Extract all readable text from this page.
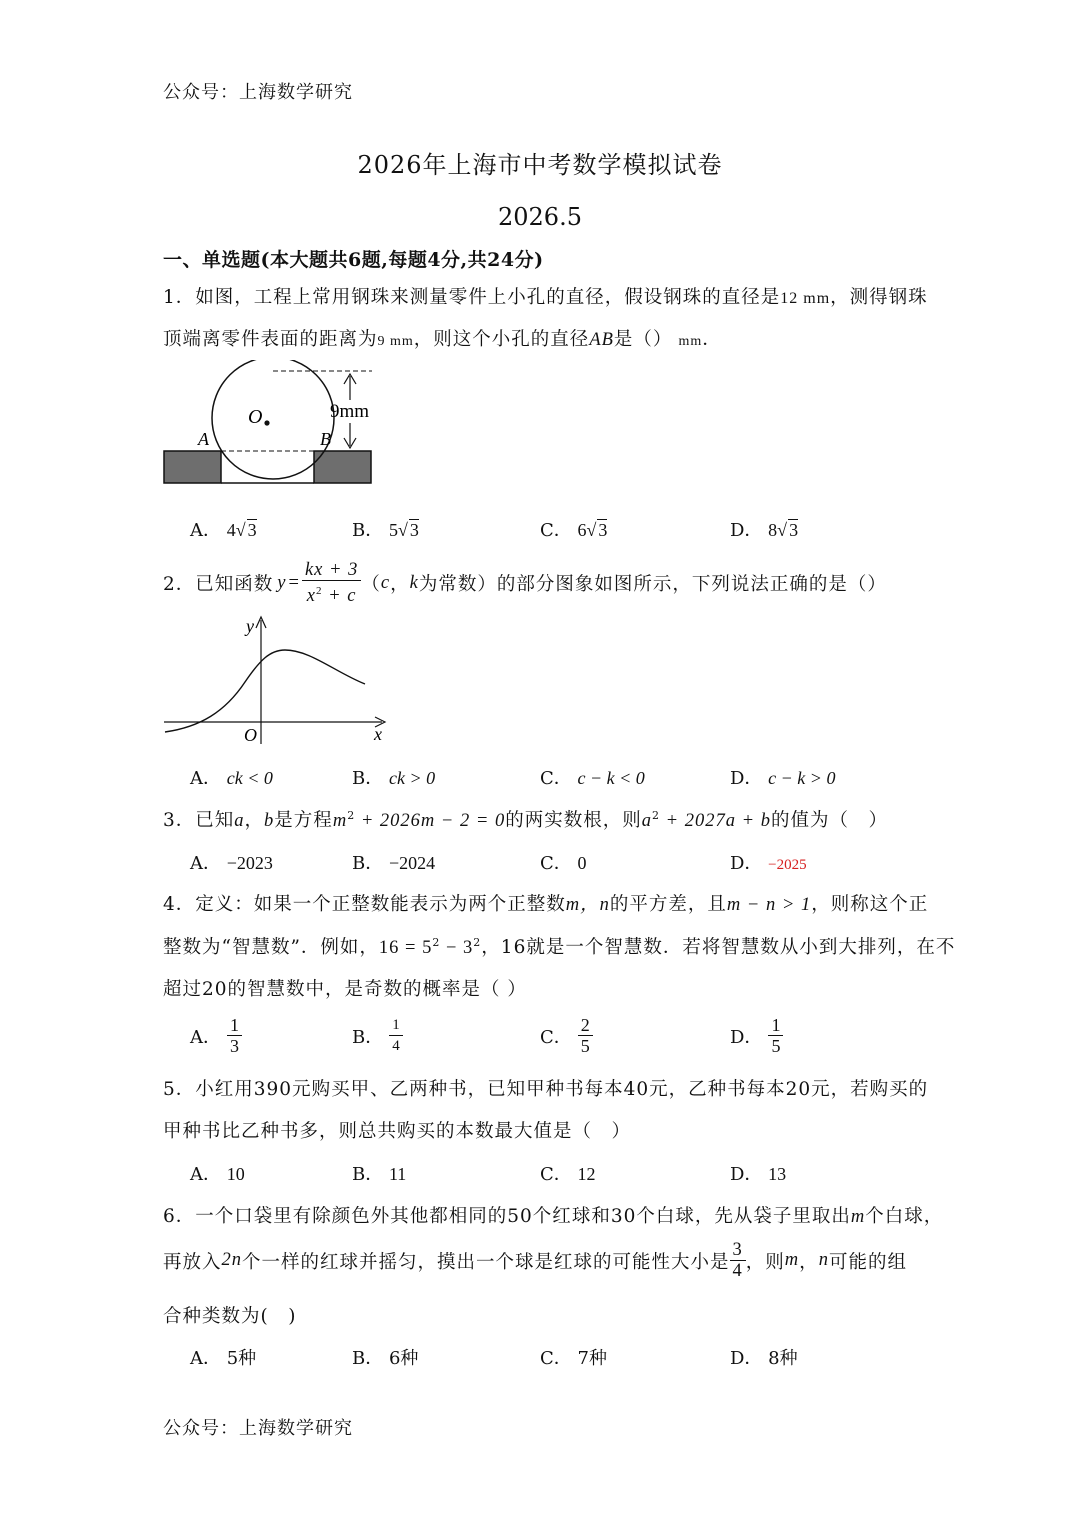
公众号：上海数学研究
2026年上海市中考数学模拟试卷
2026.5
一、单选题(本大题共6题,每题4分,共24分)
1．如图，工程上常用钢珠来测量零件上小孔的直径，假设钢珠的直径是12 mm，测得钢珠
顶端离零件表面的距离为9 mm，则这个小孔的直径AB是（） mm．
O
A	B
9mm
A． 4√ 3	B． 5√ 3	C． 6√ 3	D． 8√ 3
2．已知函数 $y = \frac{kx + 3}{x^2 + c}$ （ c ， k 为常数）的部分图象如图所示，下列说法正确的是（）
y
x
O
A． ck < 0	B． ck > 0	C． c − k < 0	D． c − k > 0
3．已知a，b是方程$m^2 + 2026m - 2 = 0$的两实数根，则$a^2 + 2027a + b$的值为（　）
A． −2023	B． −2024	C． 0	D． −2025
4．定义：如果一个正整数能表示为两个正整数m，n的平方差，且m − n > 1，则称这个正
整数为“智慧数”．例如，$16 = 5^2 - 3^2$，16就是一个智慧数．若将智慧数从小到大排列，在不
超过20的智慧数中，是奇数的概率是（ ）
A． $\frac{1}{3}$	B． $\frac{1}{4}$	C． $\frac{2}{5}$	D． $\frac{1}{5}$
5．小红用390元购买甲、乙两种书，已知甲种书每本40元，乙种书每本20元，若购买的
甲种书比乙种书多，则总共购买的本数最大值是（　）
A． 10	B． 11	C． 12	D． 13
6．一个口袋里有除颜色外其他都相同的50个红球和30个白球，先从袋子里取出m个白球，
再放入 2n 个一样的红球并摇匀，摸出一个球是红球的可能性大小是 $\frac{3}{4}$ ，则 m ， n 可能的组
合种类数为(　)
A． 5种	B． 6种	C． 7种	D． 8种
公众号：上海数学研究
